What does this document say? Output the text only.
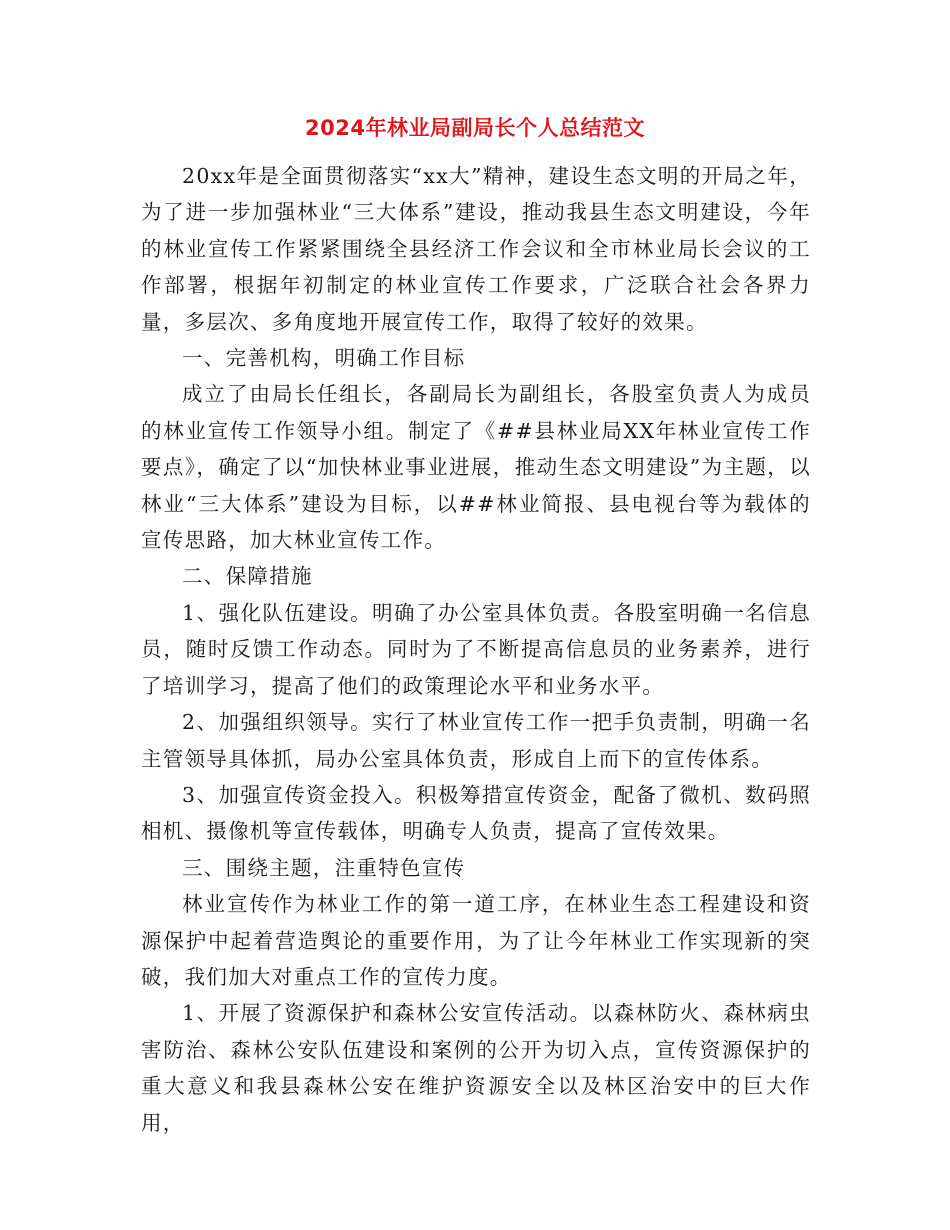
2024年林业局副局长个人总结范文

20xx年是全面贯彻落实“xx大”精神，建设生态文明的开局之年，为了进一步加强林业“三大体系”建设，推动我县生态文明建设，今年的林业宣传工作紧紧围绕全县经济工作会议和全市林业局长会议的工作部署，根据年初制定的林业宣传工作要求，广泛联合社会各界力量，多层次、多角度地开展宣传工作，取得了较好的效果。

一、完善机构，明确工作目标

成立了由局长任组长，各副局长为副组长，各股室负责人为成员的林业宣传工作领导小组。制定了《##县林业局XX年林业宣传工作要点》，确定了以“加快林业事业进展，推动生态文明建设”为主题，以林业“三大体系”建设为目标，以##林业简报、县电视台等为载体的宣传思路，加大林业宣传工作。

二、保障措施

1、强化队伍建设。明确了办公室具体负责。各股室明确一名信息员，随时反馈工作动态。同时为了不断提高信息员的业务素养，进行了培训学习，提高了他们的政策理论水平和业务水平。

2、加强组织领导。实行了林业宣传工作一把手负责制，明确一名主管领导具体抓，局办公室具体负责，形成自上而下的宣传体系。

3、加强宣传资金投入。积极筹措宣传资金，配备了微机、数码照相机、摄像机等宣传载体，明确专人负责，提高了宣传效果。

三、围绕主题，注重特色宣传

林业宣传作为林业工作的第一道工序，在林业生态工程建设和资源保护中起着营造舆论的重要作用，为了让今年林业工作实现新的突破，我们加大对重点工作的宣传力度。

1、开展了资源保护和森林公安宣传活动。以森林防火、森林病虫害防治、森林公安队伍建设和案例的公开为切入点，宣传资源保护的重大意义和我县森林公安在维护资源安全以及林区治安中的巨大作用，
